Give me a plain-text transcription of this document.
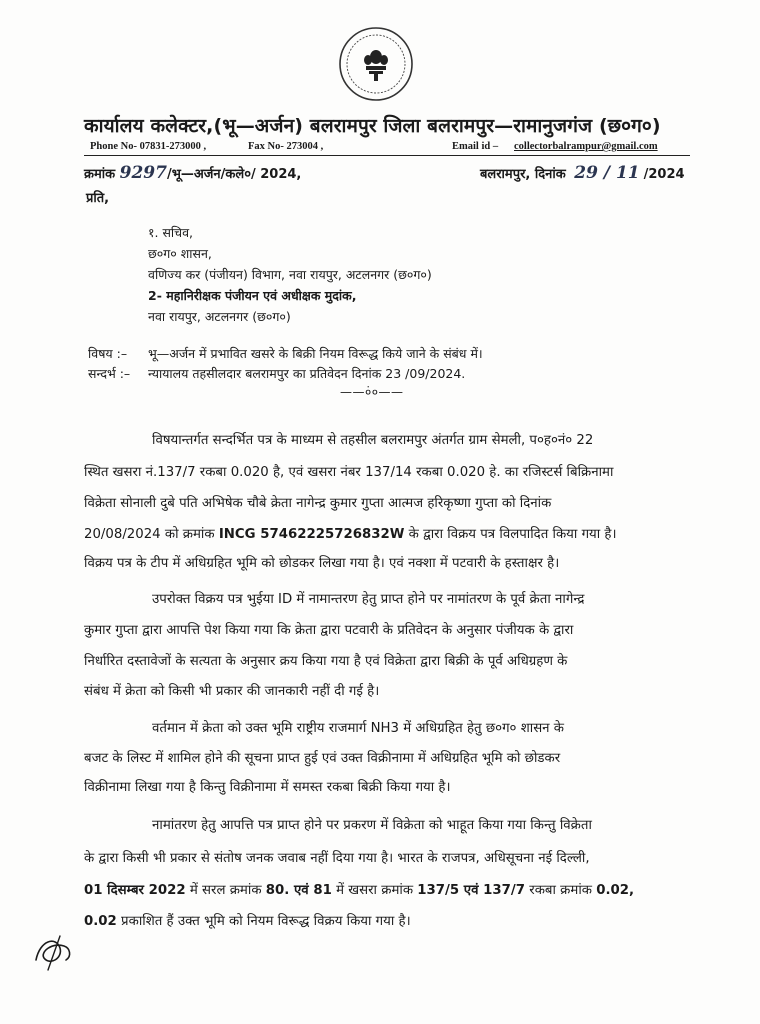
कार्यालय कलेक्टर,(भू—अर्जन) बलरामपुर जिला बलरामपुर—रामानुजगंज (छ०ग०)
Phone No- 07831-273000 ,	Fax No- 273004 ,	Email id – collectorbalrampur@gmail.com
क्रमांक 9297/भू—अर्जन/कले०/ 2024,	बलरामपुर, दिनांक 29 / 11 /2024
प्रति,
१. सचिव,
छ०ग० शासन,
वणिज्य कर (पंजीयन) विभाग, नवा रायपुर, अटलनगर (छ०ग०)
2- महानिरीक्षक पंजीयन एवं अधीक्षक मुदांक,
नवा रायपुर, अटलनगर (छ०ग०)
विषय :– भू—अर्जन में प्रभावित खसरे के बिक्री नियम विरूद्ध किये जाने के संबंध में।
सन्दर्भ :– न्यायालय तहसीलदार बलरामपुर का प्रतिवेदन दिनांक 23 /09/2024.
——०ं०——
विषयान्तर्गत सन्दर्भित पत्र के माध्यम से तहसील बलरामपुर अंतर्गत ग्राम सेमली, प०ह०नं० 22
स्थित खसरा नं.137/7 रकबा 0.020 है, एवं खसरा नंबर 137/14 रकबा 0.020 हे. का रजिस्टर्स बिक्रिनामा
विक्रेता सोनाली दुबे पति अभिषेक चौबे क्रेता नागेन्द्र कुमार गुप्ता आत्मज हरिकृष्णा गुप्ता को दिनांक
20/08/2024 को क्रमांक INCG 57462225726832W के द्वारा विक्रय पत्र विलपादित किया गया है।
विक्रय पत्र के टीप में अधिग्रहित भूमि को छोडकर लिखा गया है। एवं नक्शा में पटवारी के हस्ताक्षर है।
उपरोक्त विक्रय पत्र भुईया ID में नामान्तरण हेतु प्राप्त होने पर नामांतरण के पूर्व क्रेता नागेन्द्र
कुमार गुप्ता द्वारा आपत्ति पेश किया गया कि क्रेता द्वारा पटवारी के प्रतिवेदन के अनुसार पंजीयक के द्वारा
निर्धारित दस्तावेजों के सत्यता के अनुसार क्रय किया गया है एवं विक्रेता द्वारा बिक्री के पूर्व अधिग्रहण के
संबंध में क्रेता को किसी भी प्रकार की जानकारी नहीं दी गई है।
वर्तमान में क्रेता को उक्त भूमि राष्ट्रीय राजमार्ग NH3 में अधिग्रहित हेतु छ०ग० शासन के
बजट के लिस्ट में शामिल होने की सूचना प्राप्त हुई एवं उक्त विक्रीनामा में अधिग्रहित भूमि को छोडकर
विक्रीनामा लिखा गया है किन्तु विक्रीनामा में समस्त रकबा बिक्री किया गया है।
नामांतरण हेतु आपत्ति पत्र प्राप्त होने पर प्रकरण में विक्रेता को भाहूत किया गया किन्तु विक्रेता
के द्वारा किसी भी प्रकार से संतोष जनक जवाब नहीं दिया गया है। भारत के राजपत्र, अधिसूचना नई दिल्ली,
01 दिसम्बर 2022 में सरल क्रमांक 80. एवं 81 में खसरा क्रमांक 137/5 एवं 137/7 रकबा क्रमांक 0.02,
0.02 प्रकाशित हैं उक्त भूमि को नियम विरूद्ध विक्रय किया गया है।
